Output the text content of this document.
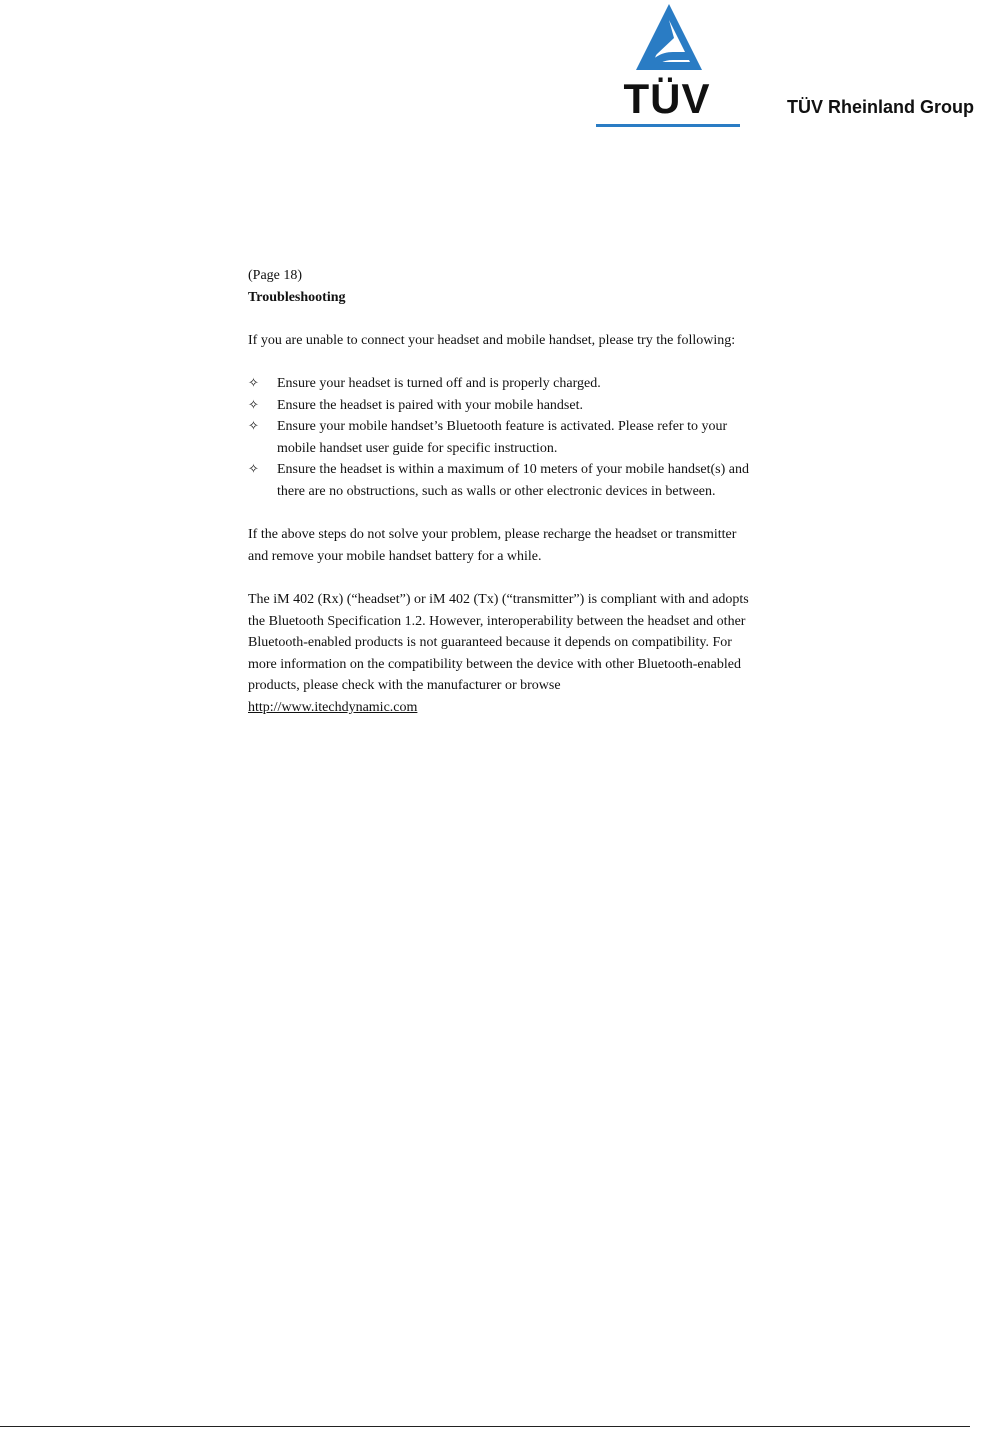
TÜV	TÜV Rheinland Group

(Page 18)

Troubleshooting

If you are unable to connect your headset and mobile handset, please try the following:

✧ Ensure your headset is turned off and is properly charged.
✧ Ensure the headset is paired with your mobile handset.
✧ Ensure your mobile handset’s Bluetooth feature is activated. Please refer to your mobile handset user guide for specific instruction.
✧ Ensure the headset is within a maximum of 10 meters of your mobile handset(s) and there are no obstructions, such as walls or other electronic devices in between.

If the above steps do not solve your problem, please recharge the headset or transmitter and remove your mobile handset battery for a while.

The iM 402 (Rx) (“headset”) or iM 402 (Tx) (“transmitter”) is compliant with and adopts the Bluetooth Specification 1.2. However, interoperability between the headset and other Bluetooth-enabled products is not guaranteed because it depends on compatibility. For more information on the compatibility between the device with other Bluetooth-enabled products, please check with the manufacturer or browse

http://www.itechdynamic.com
